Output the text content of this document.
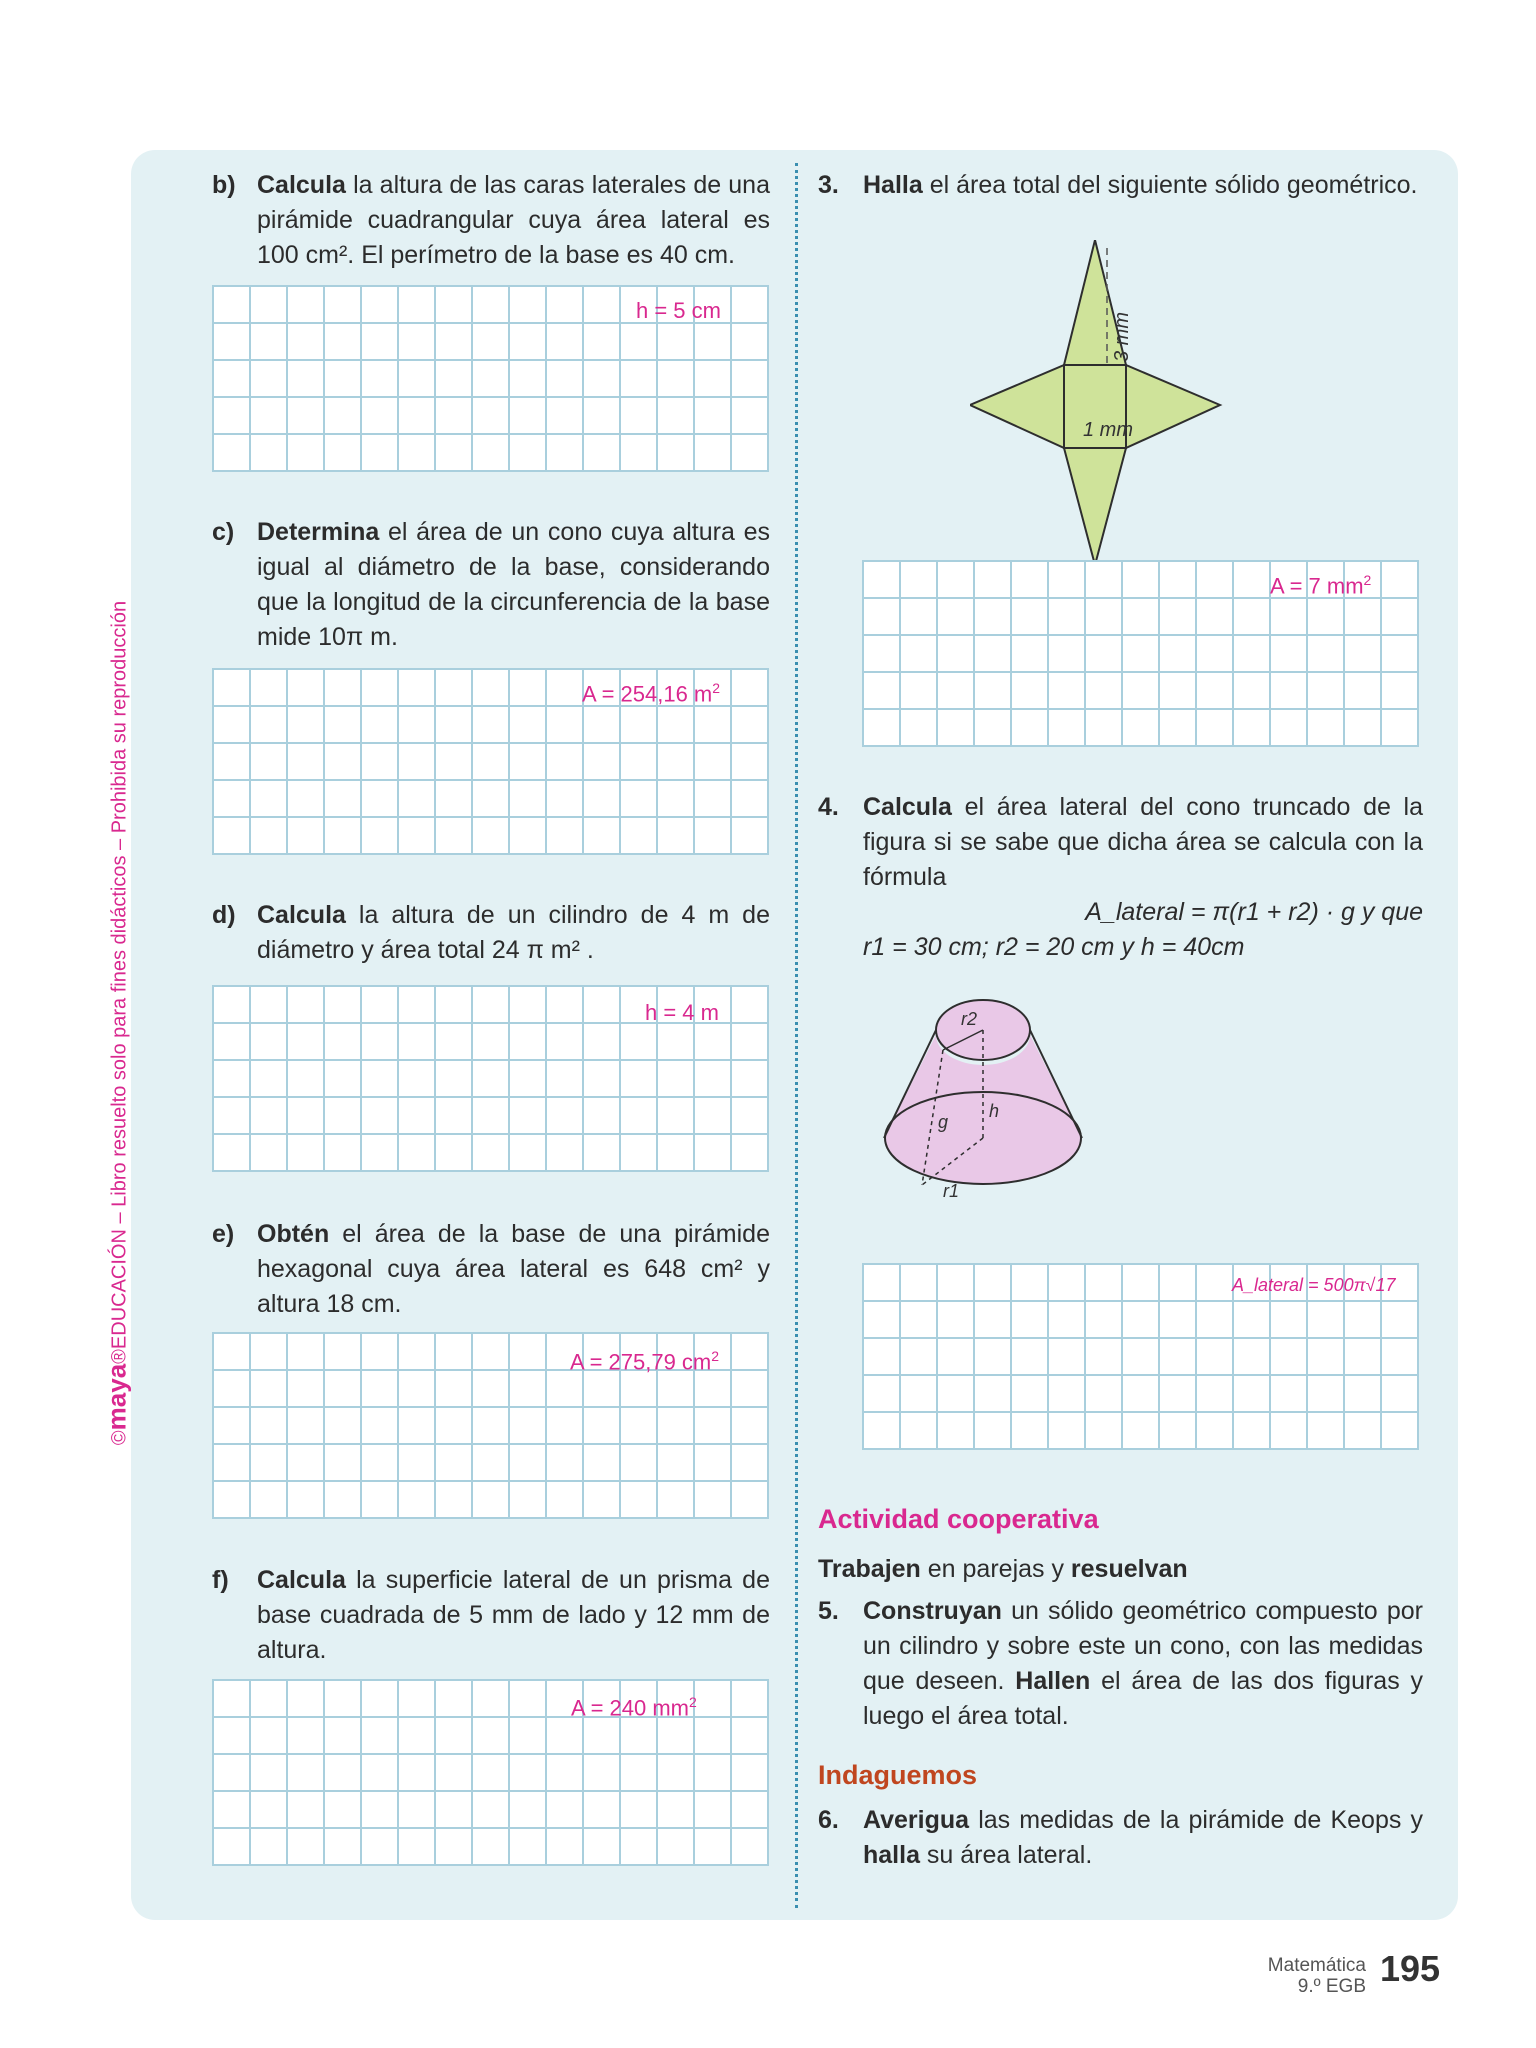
©maya®EDUCACIÓN – Libro resuelto solo para fines didácticos – Prohibida su reproducción
b) Calcula la altura de las caras laterales de una pirámide cuadrangular cuya área lateral es 100 cm². El perímetro de la base es 40 cm.
h = 5 cm
c) Determina el área de un cono cuya altura es igual al diámetro de la base, considerando que la longitud de la circunferencia de la base mide 10π m.
A = 254,16 $m^2$
d) Calcula la altura de un cilindro de 4 m de diámetro y área total 24 π m² .
h = 4 m
e) Obtén el área de la base de una pirámide hexagonal cuya área lateral es 648 cm² y altura 18 cm.
A = 275,79 $cm^2$
f) Calcula la superficie lateral de un prisma de base cuadrada de 5 mm de lado y 12 mm de altura.
A = 240 $mm^2$
3. Halla el área total del siguiente sólido geométrico.
3 mm
1 mm
A = 7 $mm^2$
4. Calcula el área lateral del cono truncado de la figura si se sabe que dicha área se calcula con la fórmula
A_lateral = π(r1 + r2) · g y que
r1 = 30 cm; r2 = 20 cm y h = 40cm
r2
h
g
r1
A_lateral = 500π√17
Actividad cooperativa
Trabajen en parejas y resuelvan
5. Construyan un sólido geométrico compuesto por un cilindro y sobre este un cono, con las medidas que deseen. Hallen el área de las dos figuras y luego el área total.
Indaguemos
6. Averigua las medidas de la pirámide de Keops y halla su área lateral.
Matemática
9.º EGB 195
